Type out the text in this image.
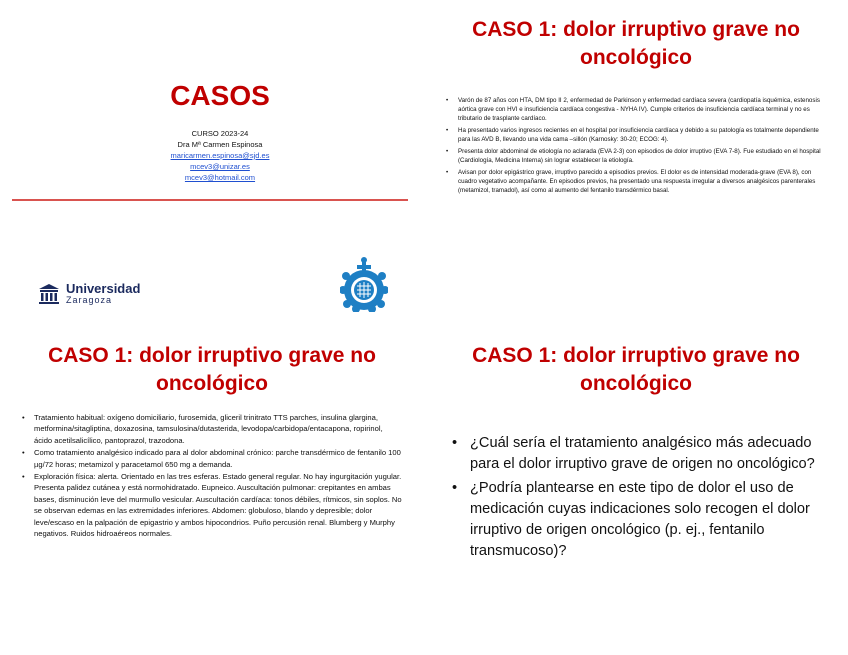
CASOS
CURSO 2023-24
Dra Mª Carmen Espinosa
maricarmen.espinosa@sjd.es
mcev3@unizar.es
mcev3@hotmail.com
Universidad
Zaragoza
CASO 1: dolor irruptivo grave no oncológico
• Varón de 87 años con HTA, DM tipo II 2, enfermedad de Parkinson y enfermedad cardíaca severa (cardiopatía isquémica, estenosis aórtica grave con HVI e insuficiencia cardíaca congestiva - NYHA IV). Cumple criterios de insuficiencia cardíaca terminal y no es tributario de trasplante cardíaco.
• Ha presentado varios ingresos recientes en el hospital por insuficiencia cardíaca y debido a su patología es totalmente dependiente para las AVD B, llevando una vida cama –sillón (Karnosky: 30-20; ECOG: 4).
• Presenta dolor abdominal de etiología no aclarada (EVA 2-3) con episodios de dolor irruptivo (EVA 7-8). Fue estudiado en el hospital (Cardiología, Medicina Interna) sin lograr establecer la etiología.
• Avisan por dolor epigástrico grave, irruptivo parecido a episodios previos. El dolor es de intensidad moderada-grave (EVA 8), con cuadro vegetativo acompañante. En episodios previos, ha presentado una respuesta irregular a diversos analgésicos parenterales (metamizol, tramadol), así como al aumento del fentanilo transdérmico basal.
CASO 1: dolor irruptivo grave no oncológico
• Tratamiento habitual: oxígeno domiciliario, furosemida, gliceril trinitrato TTS parches, insulina glargina, metformina/sitagliptina, doxazosina, tamsulosina/dutasterida, levodopa/carbidopa/entacapona, ropirinol, ácido acetilsalicílico, pantoprazol, trazodona.
• Como tratamiento analgésico indicado para al dolor abdominal crónico: parche transdérmico de fentanilo 100 µg/72 horas; metamizol y paracetamol 650 mg a demanda.
• Exploración física: alerta. Orientado en las tres esferas. Estado general regular. No hay ingurgitación yugular. Presenta palidez cutánea y está normohidratado. Eupneico. Auscultación pulmonar: crepitantes en ambas bases, disminución leve del murmullo vesicular. Auscultación cardíaca: tonos débiles, rítmicos, sin soplos. No se observan edemas en las extremidades inferiores. Abdomen: globuloso, blando y depresible; dolor leve/escaso en la palpación de epigastrio y ambos hipocondrios. Puño percusión renal. Blumberg y Murphy negativos. Ruidos hidroaéreos normales.
CASO 1: dolor irruptivo grave no oncológico
• ¿Cuál sería el tratamiento analgésico más adecuado para el dolor irruptivo grave de origen no oncológico?
• ¿Podría plantearse en este tipo de dolor el uso de medicación cuyas indicaciones solo recogen el dolor irruptivo de origen oncológico (p. ej., fentanilo transmucoso)?
